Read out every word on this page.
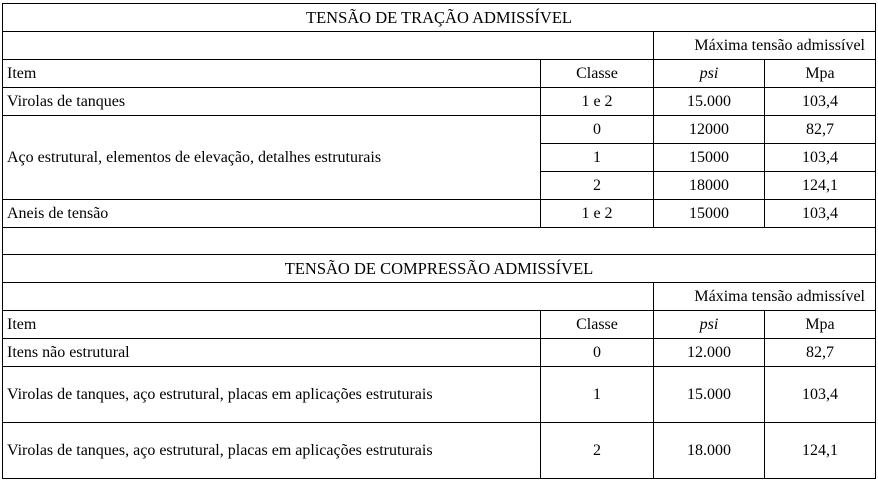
TENSÃO DE TRAÇÃO ADMISSÍVEL			
		Máxima tensão admissível	
Item	Classe	psi	Mpa
Virolas de tanques	1 e 2	15.000	103,4
Aço estrutural, elementos de elevação, detalhes estruturais	0	12000	82,7
	1	15000	103,4
	2	18000	124,1
Aneis de tensão	1 e 2	15000	103,4

TENSÃO DE COMPRESSÃO ADMISSÍVEL			
		Máxima tensão admissível	
Item	Classe	psi	Mpa
Itens não estrutural	0	12.000	82,7
Virolas de tanques, aço estrutural, placas em aplicações estruturais	1	15.000	103,4
Virolas de tanques, aço estrutural, placas em aplicações estruturais	2	18.000	124,1
